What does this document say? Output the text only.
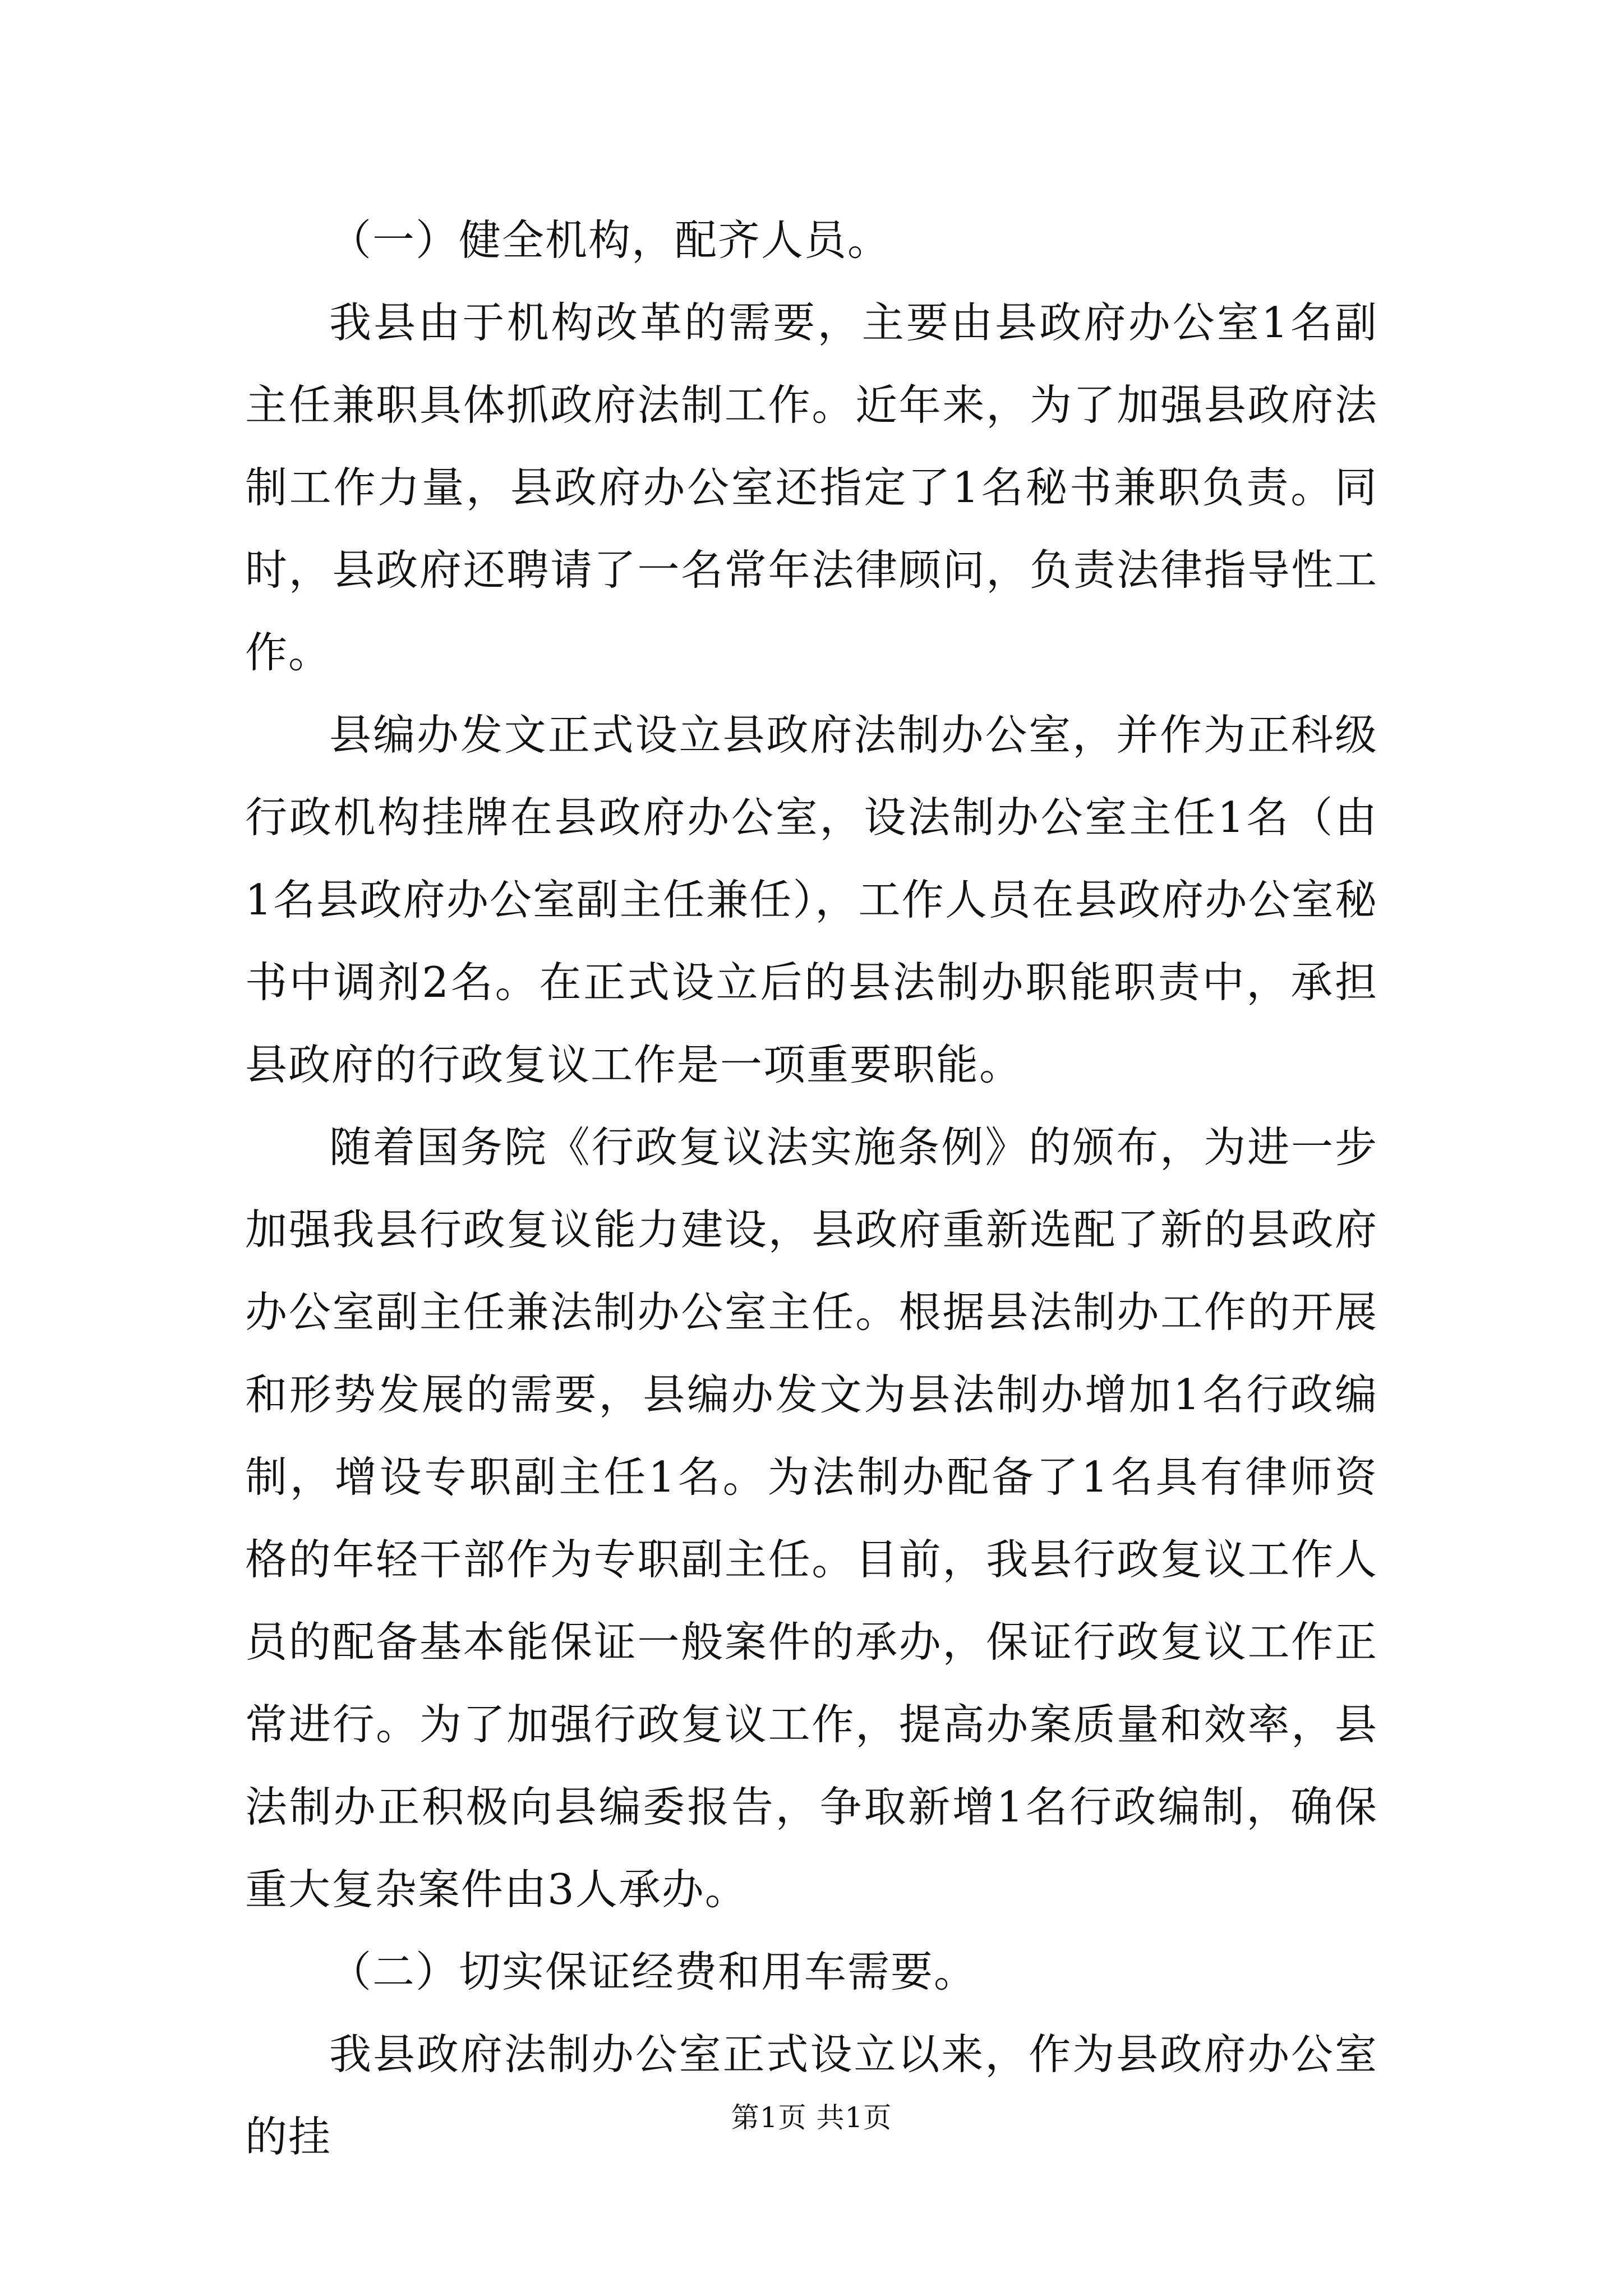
（一）健全机构，配齐人员。

我县由于机构改革的需要，主要由县政府办公室1名副主任兼职具体抓政府法制工作。近年来，为了加强县政府法制工作力量，县政府办公室还指定了1名秘书兼职负责。同时，县政府还聘请了一名常年法律顾问，负责法律指导性工作。

县编办发文正式设立县政府法制办公室，并作为正科级行政机构挂牌在县政府办公室，设法制办公室主任1名（由1名县政府办公室副主任兼任），工作人员在县政府办公室秘书中调剂2名。在正式设立后的县法制办职能职责中，承担县政府的行政复议工作是一项重要职能。

随着国务院《行政复议法实施条例》的颁布，为进一步加强我县行政复议能力建设，县政府重新选配了新的县政府办公室副主任兼法制办公室主任。根据县法制办工作的开展和形势发展的需要，县编办发文为县法制办增加1名行政编制，增设专职副主任1名。为法制办配备了1名具有律师资格的年轻干部作为专职副主任。目前，我县行政复议工作人员的配备基本能保证一般案件的承办，保证行政复议工作正常进行。为了加强行政复议工作，提高办案质量和效率，县法制办正积极向县编委报告，争取新增1名行政编制，确保重大复杂案件由3人承办。

（二）切实保证经费和用车需要。

我县政府法制办公室正式设立以来，作为县政府办公室的挂	第1页 共1页
